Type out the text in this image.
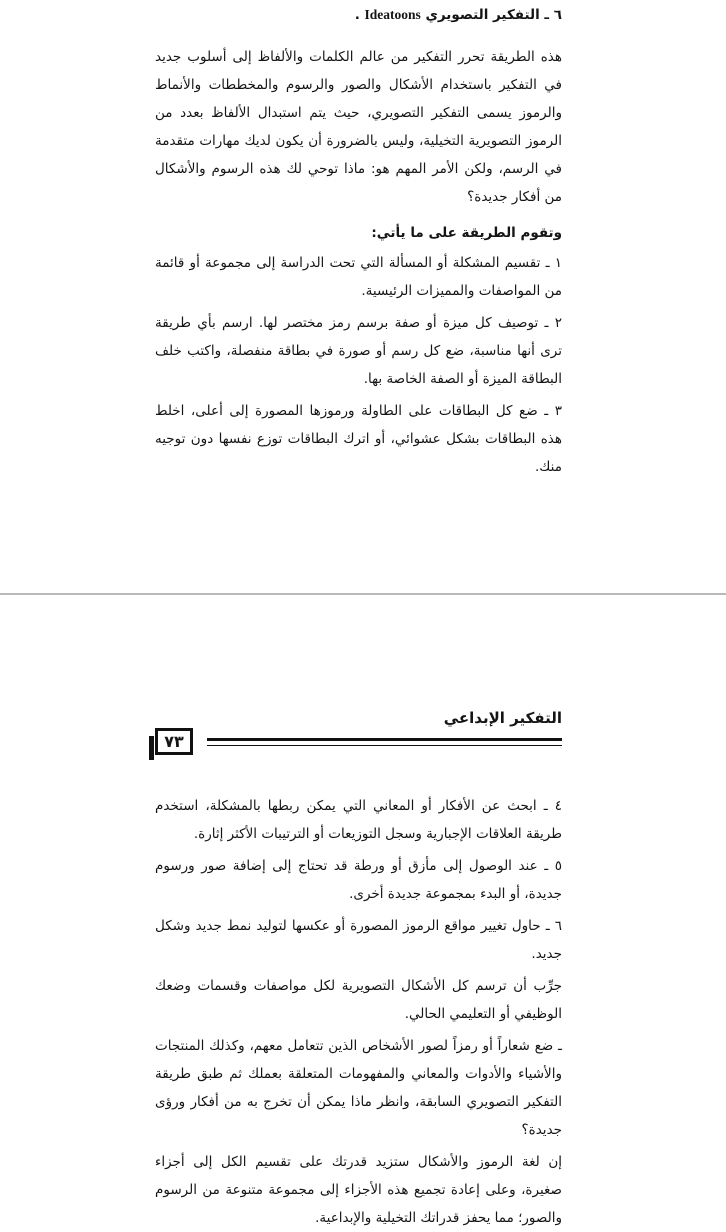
٦ ـ التفكير التصويري Ideatoons .

هذه الطريقة تحرر التفكير من عالم الكلمات والألفاظ إلى أسلوب جديد في التفكير باستخدام الأشكال والصور والرسوم والمخططات والأنماط والرموز يسمى التفكير التصويري، حيث يتم استبدال الألفاظ بعدد من الرموز التصويرية التخيلية، وليس بالضرورة أن يكون لديك مهارات متقدمة في الرسم، ولكن الأمر المهم هو: ماذا توحي لك هذه الرسوم والأشكال من أفكار جديدة؟

وتقوم الطريقة على ما يأتي:

١ ـ تقسيم المشكلة أو المسألة التي تحت الدراسة إلى مجموعة أو قائمة من المواصفات والمميزات الرئيسية.

٢ ـ توصيف كل ميزة أو صفة برسم رمز مختصر لها. ارسم بأي طريقة ترى أنها مناسبة، ضع كل رسم أو صورة في بطاقة منفصلة، واكتب خلف البطاقة الميزة أو الصفة الخاصة بها.

٣ ـ ضع كل البطاقات على الطاولة ورموزها المصورة إلى أعلى، اخلط هذه البطاقات بشكل عشوائي، أو اترك البطاقات توزع نفسها دون توجيه منك.

التفكير الإبداعي
٧٣

٤ ـ ابحث عن الأفكار أو المعاني التي يمكن ربطها بالمشكلة، استخدم طريقة العلاقات الإجبارية وسجل التوزيعات أو الترتيبات الأكثر إثارة.

٥ ـ عند الوصول إلى مأزق أو ورطة قد تحتاج إلى إضافة صور ورسوم جديدة، أو البدء بمجموعة جديدة أخرى.

٦ ـ حاول تغيير مواقع الرموز المصورة أو عكسها لتوليد نمط جديد وشكل جديد.

جرِّب أن ترسم كل الأشكال التصويرية لكل مواصفات وقسمات وضعك الوظيفي أو التعليمي الحالي.

ـ ضع شعاراً أو رمزاً لصور الأشخاص الذين تتعامل معهم، وكذلك المنتجات والأشياء والأدوات والمعاني والمفهومات المتعلقة بعملك ثم طبق طريقة التفكير التصويري السابقة، وانظر ماذا يمكن أن تخرج به من أفكار ورؤى جديدة؟

إن لغة الرموز والأشكال ستزيد قدرتك على تقسيم الكل إلى أجزاء صغيرة، وعلى إعادة تجميع هذه الأجزاء إلى مجموعة متنوعة من الرسوم والصور؛ مما يحفز قدراتك التخيلية والإبداعية.
